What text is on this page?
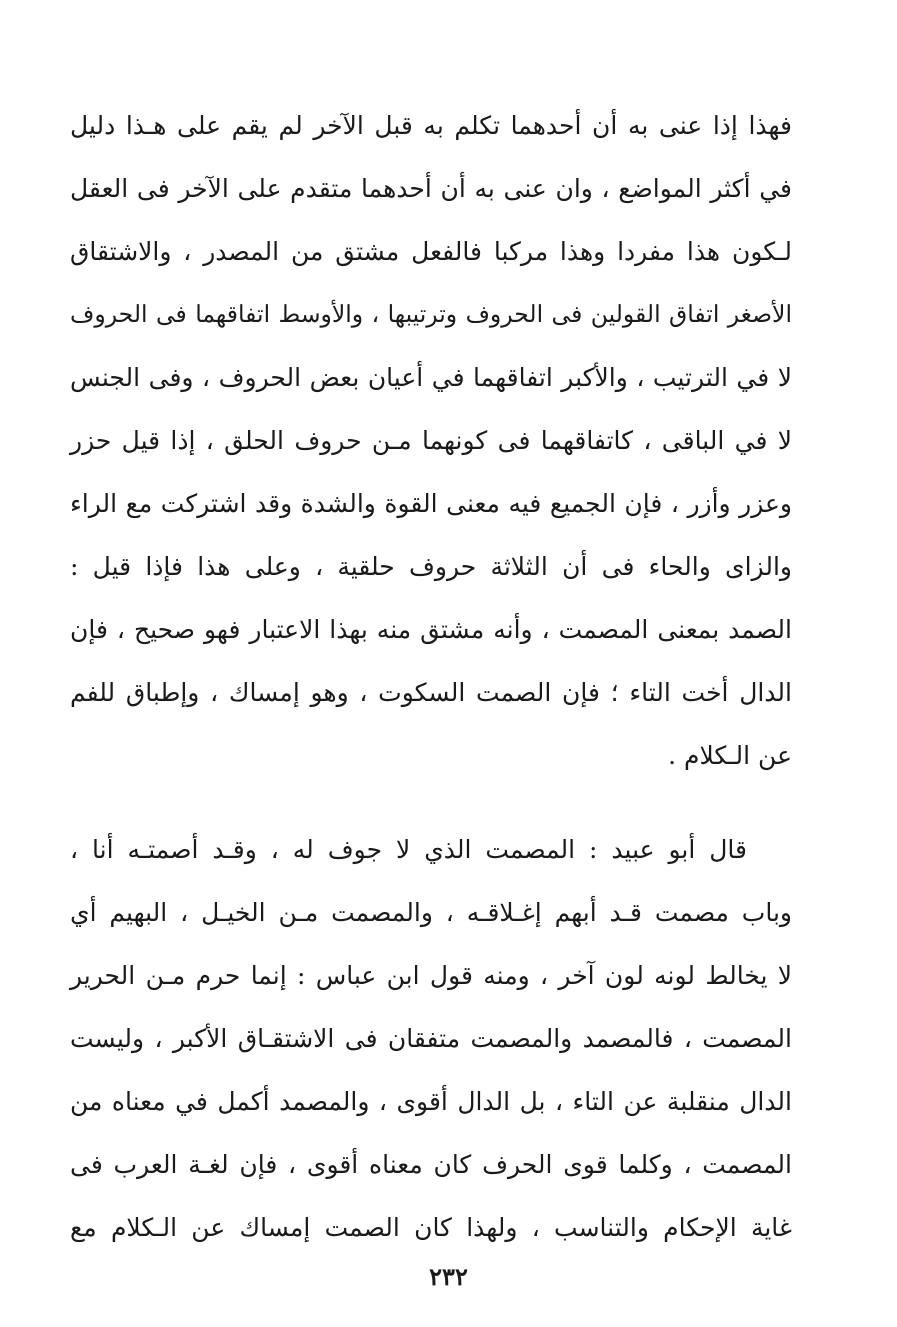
فهذا إذا عنى به أن أحدهما تكلم به قبل الآخر لم يقم على هـذا دليل
في أكثر المواضع ، وان عنى به أن أحدهما متقدم على الآخر فى العقل
لـكون هذا مفردا وهذا مركبا فالفعل مشتق من المصدر ، والاشتقاق
الأصغر اتفاق القولين فى الحروف وترتيبها ، والأوسط اتفاقهما فى الحروف
لا في الترتيب ، والأكبر اتفاقهما في أعيان بعض الحروف ، وفى الجنس
لا في الباقى ، كاتفاقهما فى كونهما مـن حروف الحلق ، إذا قيل حزر
وعزر وأزر ، فإن الجميع فيه معنى القوة والشدة وقد اشتركت مع الراء
والزاى والحاء فى أن الثلاثة حروف حلقية ، وعلى هذا فإذا قيل :
الصمد بمعنى المصمت ، وأنه مشتق منه بهذا الاعتبار فهو صحيح ، فإن
الدال أخت التاء ؛ فإن الصمت السكوت ، وهو إمساك ، وإطباق للفم
عن الـكلام .
قال أبو عبيد : المصمت الذي لا جوف له ، وقـد أصمتـه أنا ،
وباب مصمت قـد أبهم إغـلاقـه ، والمصمت مـن الخيـل ، البهيم أي
لا يخالط لونه لون آخر ، ومنه قول ابن عباس : إنما حرم مـن الحرير
المصمت ، فالمصمد والمصمت متفقان فى الاشتقـاق الأكبر ، وليست
الدال منقلبة عن التاء ، بل الدال أقوى ، والمصمد أكمل في معناه من
المصمت ، وكلما قوى الحرف كان معناه أقوى ، فإن لغـة العرب فى
غاية الإحكام والتناسب ، ولهذا كان الصمت إمساك عن الـكلام مع
٢٣٢
